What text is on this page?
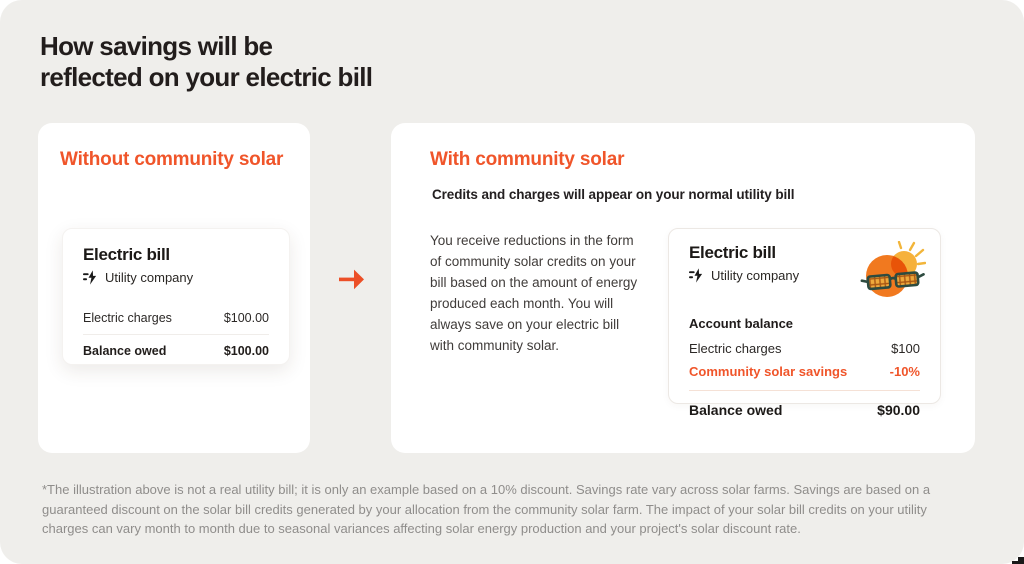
How savings will be
reflected on your electric bill
Without community solar
Electric bill
Utility company
Electric charges	$100.00
Balance owed	$100.00
With community solar
Credits and charges will appear on your normal utility bill

You receive reductions in the form of community solar credits on your bill based on the amount of energy produced each month. You will always save on your electric bill with community solar.

Electric bill
Utility company
Account balance
Electric charges	$100
Community solar savings	-10%
Balance owed	$90.00

*The illustration above is not a real utility bill; it is only an example based on a 10% discount. Savings rate vary across solar farms. Savings are based on a guaranteed discount on the solar bill credits generated by your allocation from the community solar farm. The impact of your solar bill credits on your utility charges can vary month to month due to seasonal variances affecting solar energy production and your project's solar discount rate.
